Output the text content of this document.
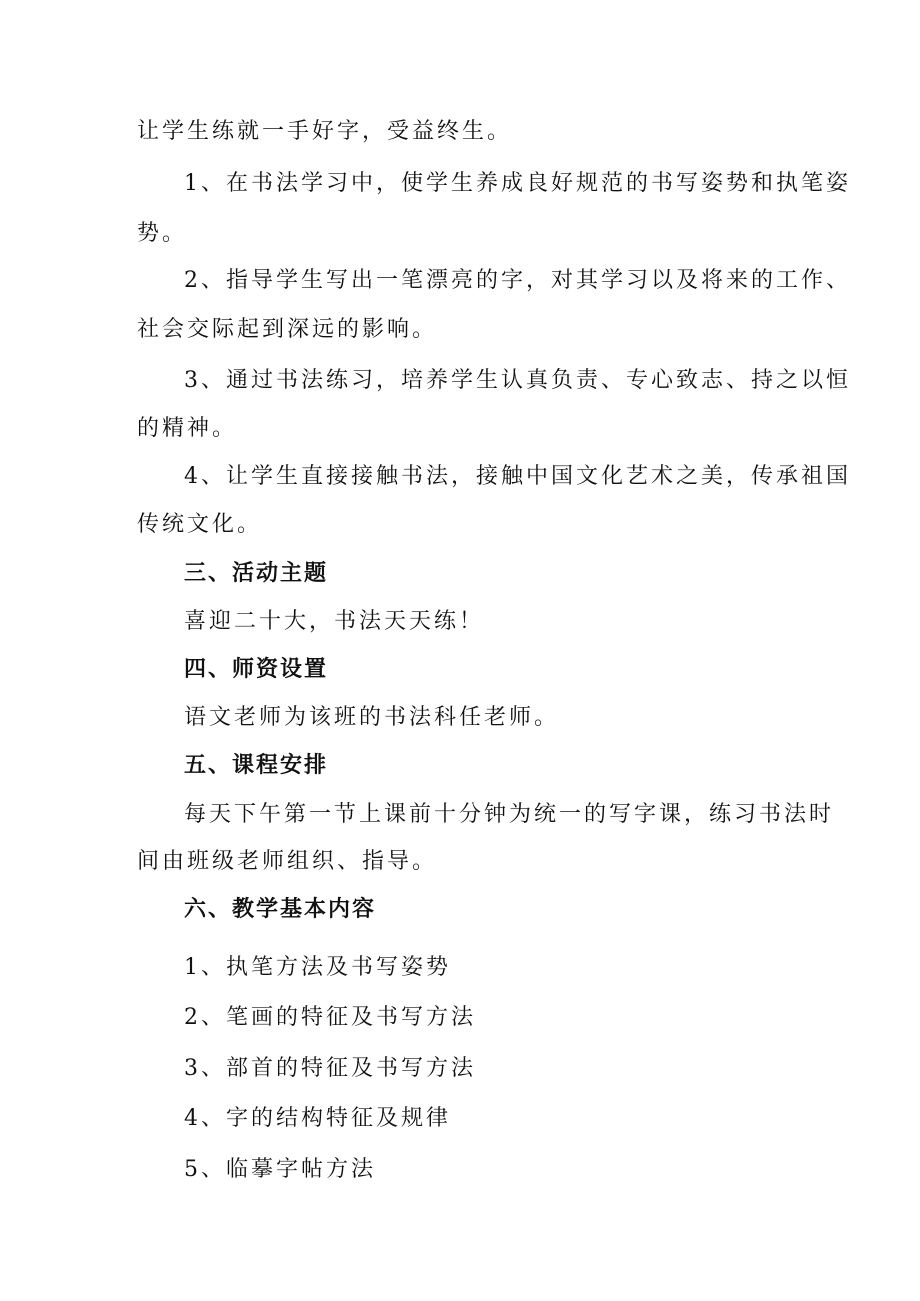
让学生练就一手好字，受益终生。
1、在书法学习中，使学生养成良好规范的书写姿势和执笔姿
势。
2、指导学生写出一笔漂亮的字，对其学习以及将来的工作、
社会交际起到深远的影响。
3、通过书法练习，培养学生认真负责、专心致志、持之以恒
的精神。
4、让学生直接接触书法，接触中国文化艺术之美，传承祖国
传统文化。
三、活动主题
喜迎二十大，书法天天练！
四、师资设置
语文老师为该班的书法科任老师。
五、课程安排
每天下午第一节上课前十分钟为统一的写字课，练习书法时
间由班级老师组织、指导。
六、教学基本内容
1、执笔方法及书写姿势
2、笔画的特征及书写方法
3、部首的特征及书写方法
4、字的结构特征及规律
5、临摹字帖方法
